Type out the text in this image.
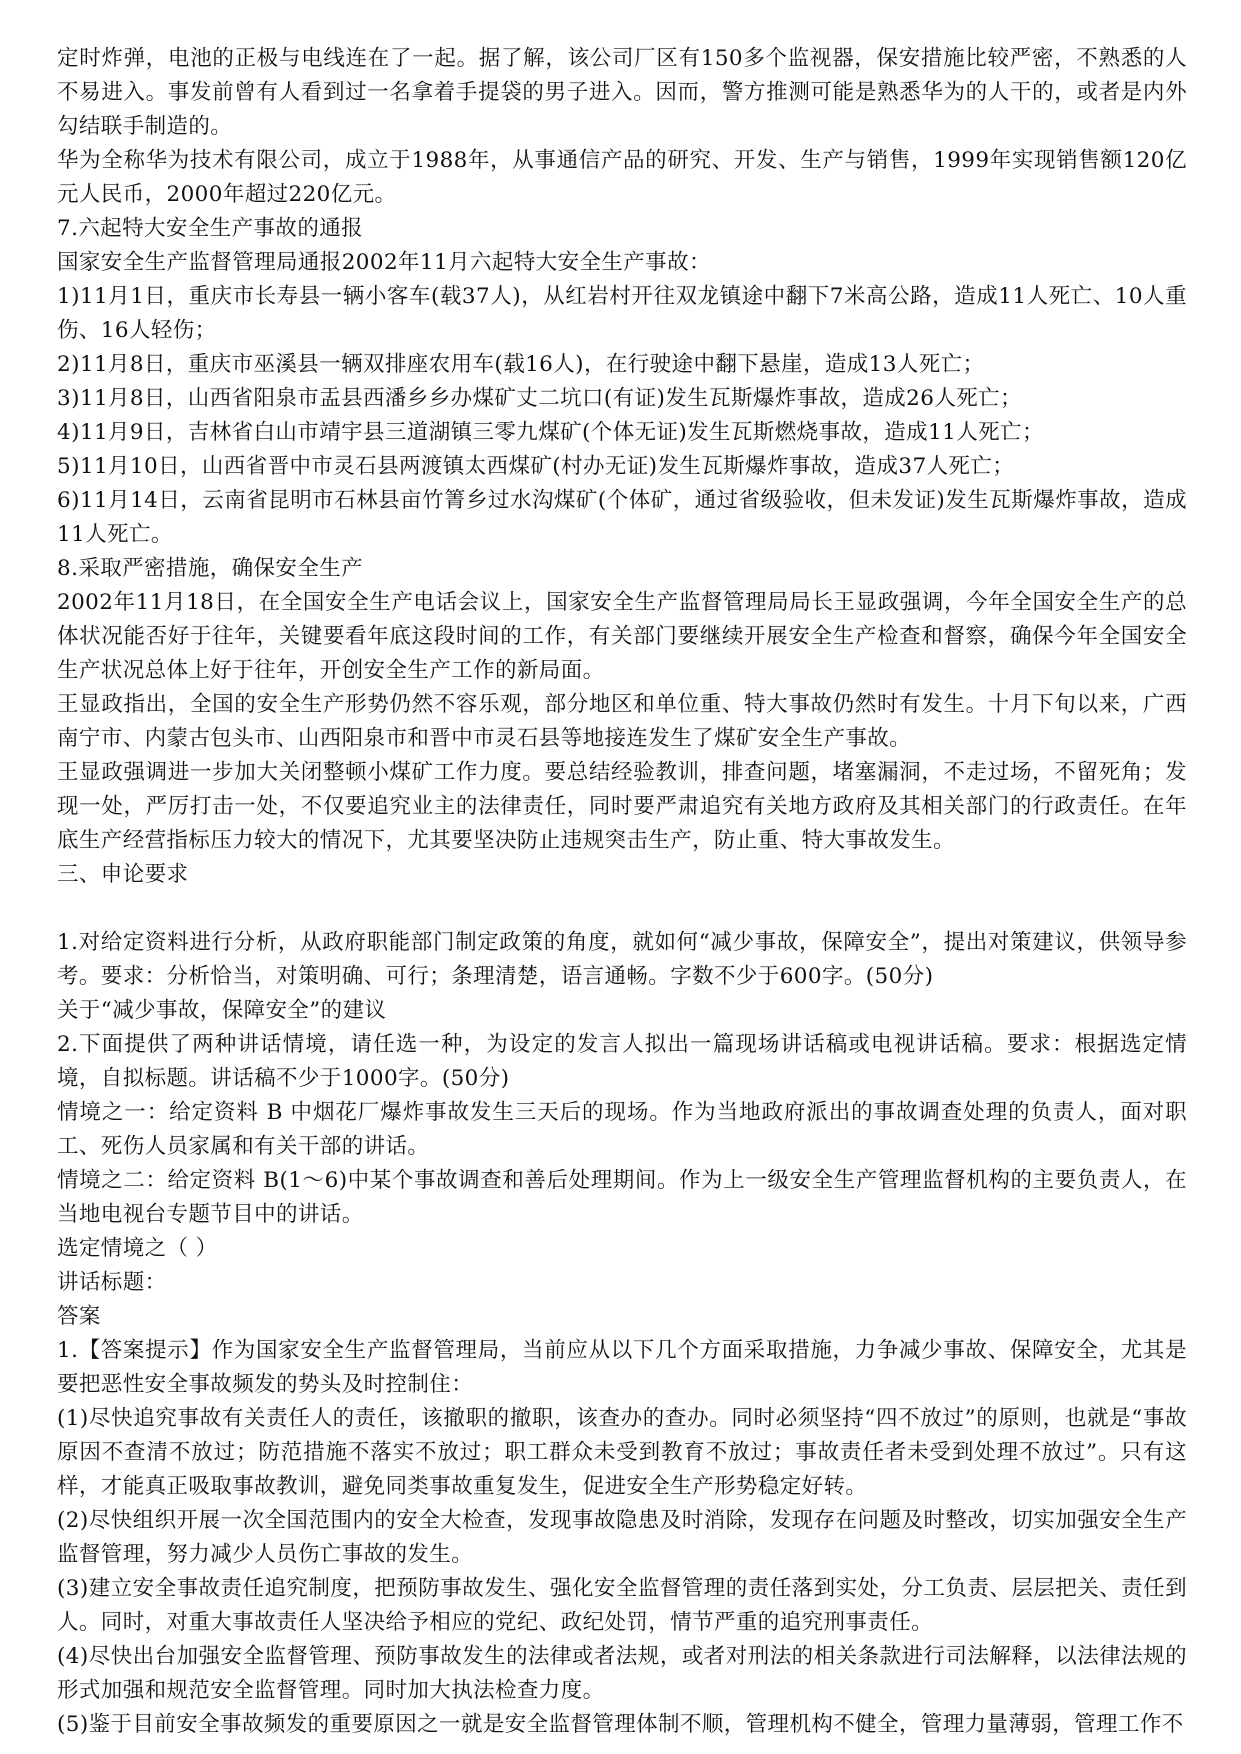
定时炸弹，电池的正极与电线连在了一起。据了解，该公司厂区有150多个监视器，保安措施比较严密，不熟悉的人不易进入。事发前曾有人看到过一名拿着手提袋的男子进入。因而，警方推测可能是熟悉华为的人干的，或者是内外勾结联手制造的。

华为全称华为技术有限公司，成立于1988年，从事通信产品的研究、开发、生产与销售，1999年实现销售额120亿元人民币，2000年超过220亿元。

7.六起特大安全生产事故的通报

国家安全生产监督管理局通报2002年11月六起特大安全生产事故：

1)11月1日，重庆市长寿县一辆小客车(载37人)，从红岩村开往双龙镇途中翻下7米高公路，造成11人死亡、10人重伤、16人轻伤；

2)11月8日，重庆市巫溪县一辆双排座农用车(载16人)，在行驶途中翻下悬崖，造成13人死亡；

3)11月8日，山西省阳泉市盂县西潘乡乡办煤矿丈二坑口(有证)发生瓦斯爆炸事故，造成26人死亡；

4)11月9日，吉林省白山市靖宇县三道湖镇三零九煤矿(个体无证)发生瓦斯燃烧事故，造成11人死亡；

5)11月10日，山西省晋中市灵石县两渡镇太西煤矿(村办无证)发生瓦斯爆炸事故，造成37人死亡；

6)11月14日，云南省昆明市石林县亩竹箐乡过水沟煤矿(个体矿，通过省级验收，但未发证)发生瓦斯爆炸事故，造成11人死亡。

8.采取严密措施，确保安全生产

2002年11月18日，在全国安全生产电话会议上，国家安全生产监督管理局局长王显政强调，今年全国安全生产的总体状况能否好于往年，关键要看年底这段时间的工作，有关部门要继续开展安全生产检查和督察，确保今年全国安全生产状况总体上好于往年，开创安全生产工作的新局面。

王显政指出，全国的安全生产形势仍然不容乐观，部分地区和单位重、特大事故仍然时有发生。十月下旬以来，广西南宁市、内蒙古包头市、山西阳泉市和晋中市灵石县等地接连发生了煤矿安全生产事故。

王显政强调进一步加大关闭整顿小煤矿工作力度。要总结经验教训，排查问题，堵塞漏洞，不走过场，不留死角；发现一处，严厉打击一处，不仅要追究业主的法律责任，同时要严肃追究有关地方政府及其相关部门的行政责任。在年底生产经营指标压力较大的情况下，尤其要坚决防止违规突击生产，防止重、特大事故发生。

三、申论要求

1.对给定资料进行分析，从政府职能部门制定政策的角度，就如何“减少事故，保障安全”，提出对策建议，供领导参考。要求：分析恰当，对策明确、可行；条理清楚，语言通畅。字数不少于600字。(50分)

关于“减少事故，保障安全”的建议

2.下面提供了两种讲话情境，请任选一种，为设定的发言人拟出一篇现场讲话稿或电视讲话稿。要求：根据选定情境，自拟标题。讲话稿不少于1000字。(50分)

情境之一：给定资料 B 中烟花厂爆炸事故发生三天后的现场。作为当地政府派出的事故调查处理的负责人，面对职工、死伤人员家属和有关干部的讲话。

情境之二：给定资料 B(1～6)中某个事故调查和善后处理期间。作为上一级安全生产管理监督机构的主要负责人，在当地电视台专题节目中的讲话。

选定情境之（ ）

讲话标题：

答案

1.【答案提示】作为国家安全生产监督管理局，当前应从以下几个方面采取措施，力争减少事故、保障安全，尤其是要把恶性安全事故频发的势头及时控制住：

(1)尽快追究事故有关责任人的责任，该撤职的撤职，该查办的查办。同时必须坚持“四不放过”的原则，也就是“事故原因不查清不放过；防范措施不落实不放过；职工群众未受到教育不放过；事故责任者未受到处理不放过”。只有这样，才能真正吸取事故教训，避免同类事故重复发生，促进安全生产形势稳定好转。

(2)尽快组织开展一次全国范围内的安全大检查，发现事故隐患及时消除，发现存在问题及时整改，切实加强安全生产监督管理，努力减少人员伤亡事故的发生。

(3)建立安全事故责任追究制度，把预防事故发生、强化安全监督管理的责任落到实处，分工负责、层层把关、责任到人。同时，对重大事故责任人坚决给予相应的党纪、政纪处罚，情节严重的追究刑事责任。

(4)尽快出台加强安全监督管理、预防事故发生的法律或者法规，或者对刑法的相关条款进行司法解释，以法律法规的形式加强和规范安全监督管理。同时加大执法检查力度。

(5)鉴于目前安全事故频发的重要原因之一就是安全监督管理体制不顺，管理机构不健全，管理力量薄弱，管理工作不
